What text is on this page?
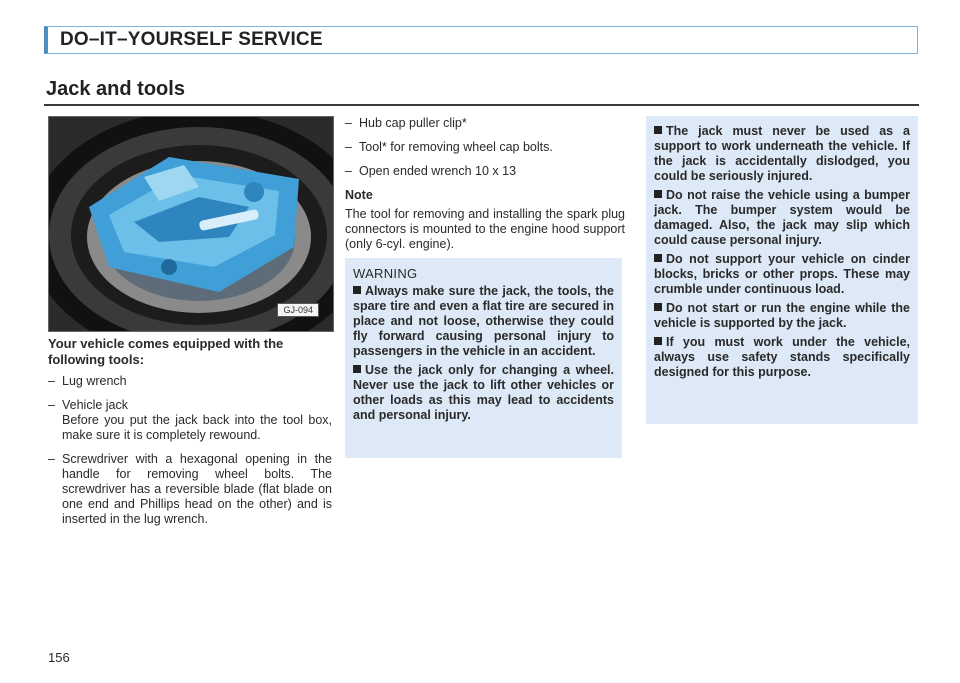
DO–IT–YOURSELF SERVICE
Jack and tools
GJ-094

Your vehicle comes equipped with the following tools:

– Lug wrench
– Vehicle jack
Before you put the jack back into the tool box, make sure it is completely rewound.
– Screwdriver with a hexagonal opening in the handle for removing wheel bolts. The screwdriver has a reversible blade (flat blade on one end and Phillips head on the other) and is inserted in the lug wrench.
– Hub cap puller clip*
– Tool* for removing wheel cap bolts.
– Open ended wrench 10 x 13
Note

The tool for removing and installing the spark plug connectors is mounted to the engine hood support (only 6-cyl. engine).

WARNING

Always make sure the jack, the tools, the spare tire and even a flat tire are secured in place and not loose, otherwise they could fly forward causing personal injury to passengers in the vehicle in an accident.

Use the jack only for changing a wheel. Never use the jack to lift other vehicles or other loads as this may lead to accidents and personal injury.

The jack must never be used as a support to work underneath the vehicle. If the jack is accidentally dislodged, you could be seriously injured.

Do not raise the vehicle using a bumper jack. The bumper system would be damaged. Also, the jack may slip which could cause personal injury.

Do not support your vehicle on cinder blocks, bricks or other props. These may crumble under continuous load.

Do not start or run the engine while the vehicle is supported by the jack.

If you must work under the vehicle, always use safety stands specifically designed for this purpose.

156
